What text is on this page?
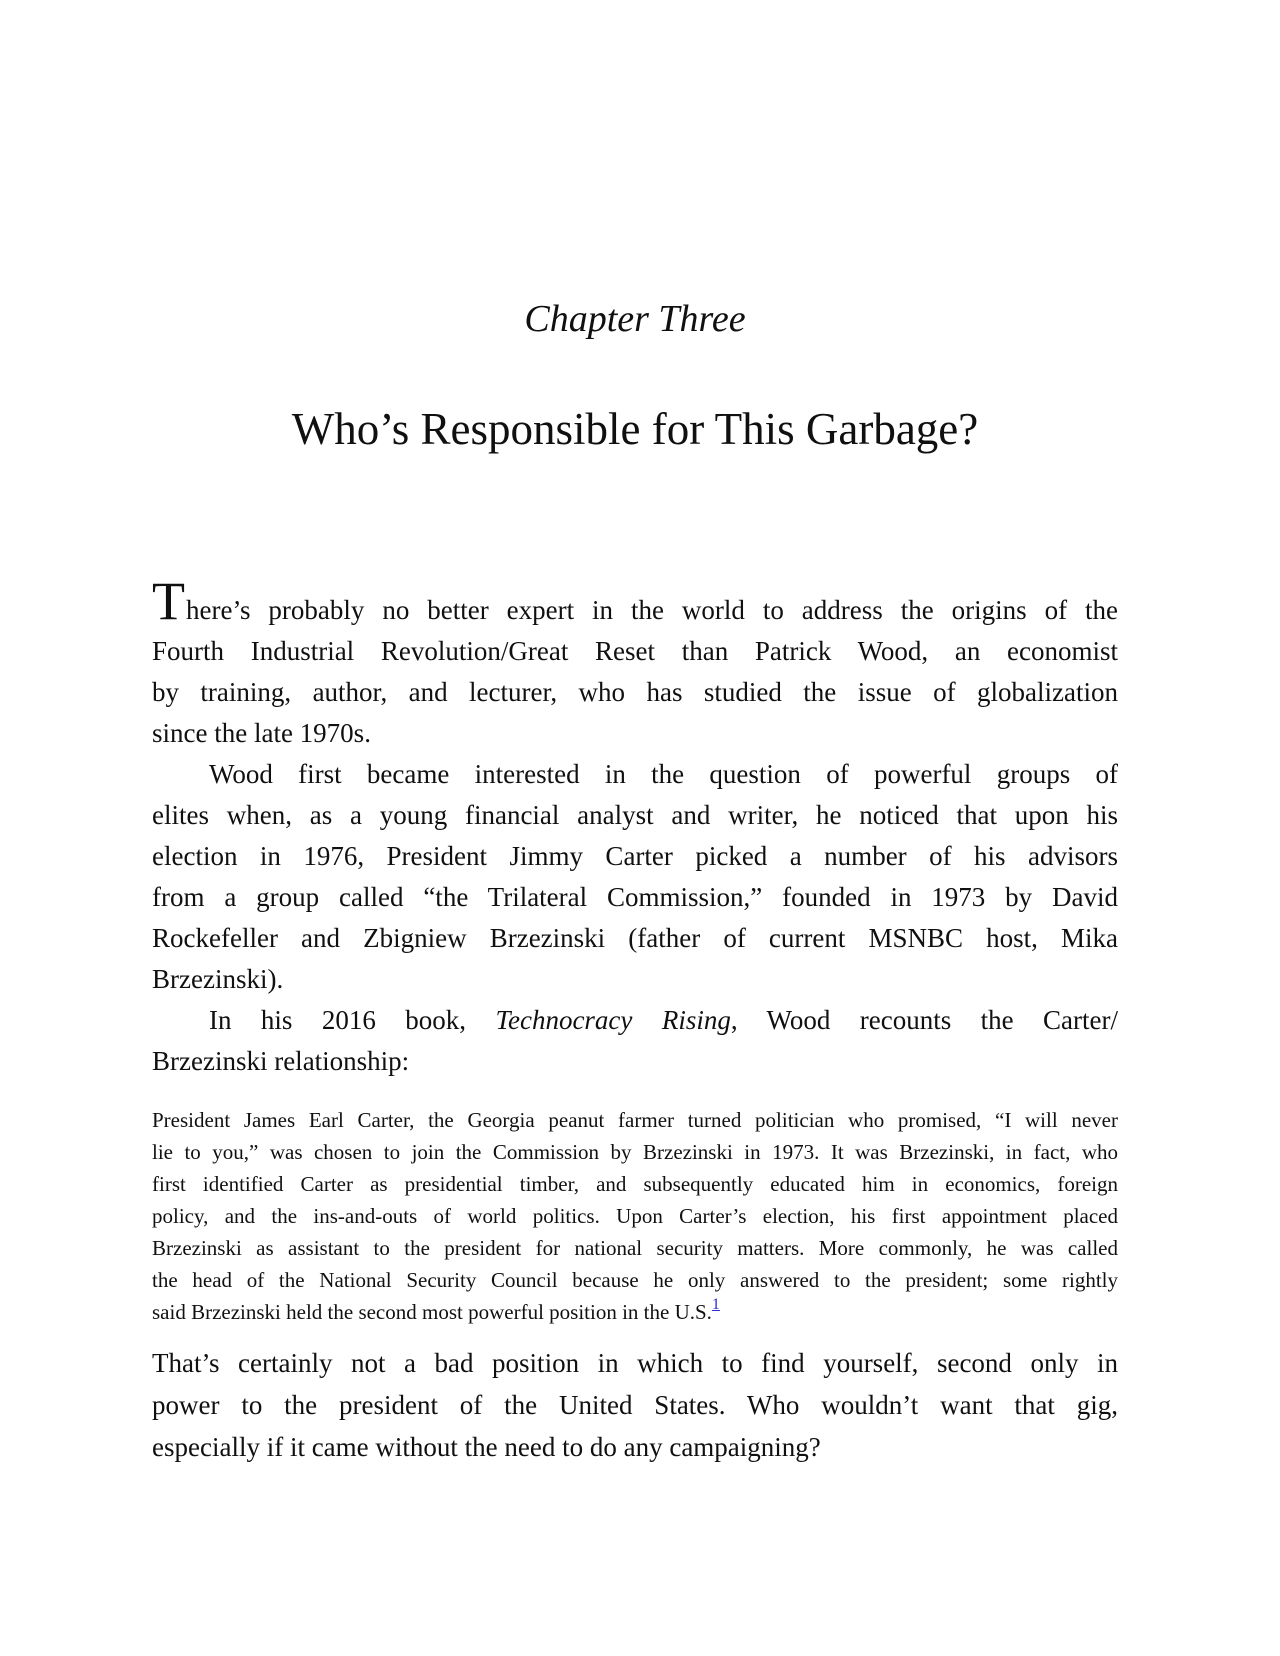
Chapter Three
Who’s Responsible for This Garbage?
There’s probably no better expert in the world to address the origins of the
Fourth Industrial Revolution/Great Reset than Patrick Wood, an economist
by training, author, and lecturer, who has studied the issue of globalization
since the late 1970s.
Wood first became interested in the question of powerful groups of
elites when, as a young financial analyst and writer, he noticed that upon his
election in 1976, President Jimmy Carter picked a number of his advisors
from a group called “the Trilateral Commission,” founded in 1973 by David
Rockefeller and Zbigniew Brzezinski (father of current MSNBC host, Mika
Brzezinski).
In his 2016 book, Technocracy Rising, Wood recounts the Carter/
Brzezinski relationship:
President James Earl Carter, the Georgia peanut farmer turned politician who promised, “I will never
lie to you,” was chosen to join the Commission by Brzezinski in 1973. It was Brzezinski, in fact, who
first identified Carter as presidential timber, and subsequently educated him in economics, foreign
policy, and the ins-and-outs of world politics. Upon Carter’s election, his first appointment placed
Brzezinski as assistant to the president for national security matters. More commonly, he was called
the head of the National Security Council because he only answered to the president; some rightly
said Brzezinski held the second most powerful position in the U.S.$^1$
That’s certainly not a bad position in which to find yourself, second only in
power to the president of the United States. Who wouldn’t want that gig,
especially if it came without the need to do any campaigning?
